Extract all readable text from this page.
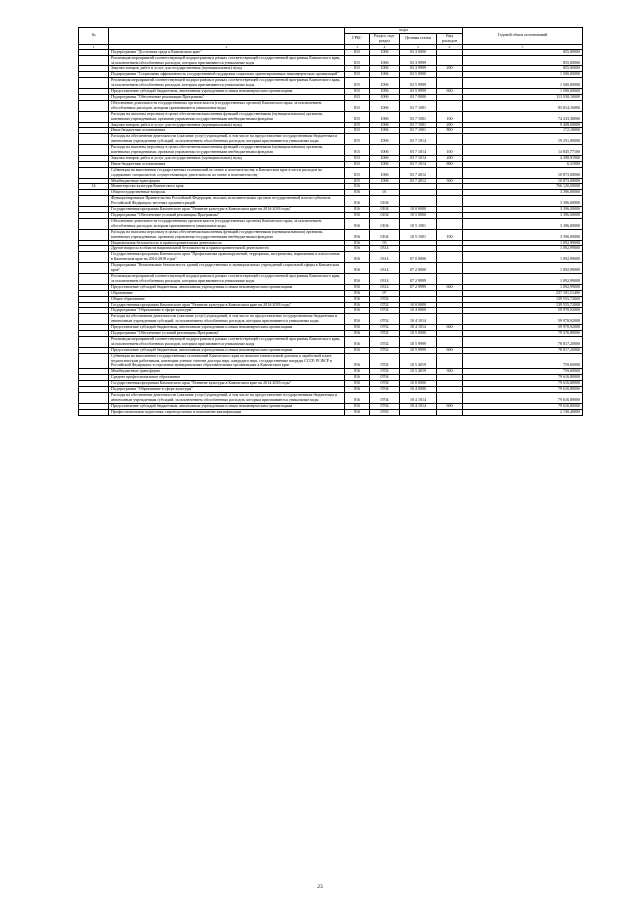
№		коды				Годовой объем ассигнований
		ГРБС	Раздел, под-раздел	Целевая статья	Вид расходов	
1	2	3	4	5	6	7
	Подпрограмма "Доступная среда в Камчатском крае"	815	1006	03 3 0000		855,00000
	Реализация мероприятий соответствующей подпрограммы в рамках соответствующей государственной программы Камчатского края, за исключением обособленных расходов, которым присваиваются уникальные коды	815	1006	03 3 9999		855,00000
	Закупка товаров, работ и услуг для государственных (муниципальных) нужд	815	1006	03 3 9999	200	855,00000
	Подпрограмма "Социальная эффективность государственной поддержки социально ориентированных некоммерческих организаций"	815	1006	03 5 0000		1 500,00000
	Реализация мероприятий соответствующей подпрограммы в рамках соответствующей государственной программы Камчатского края, за исключением обособленных расходов, которым присваиваются уникальные коды	815	1006	03 5 9999		1 500,00000
	Предоставление субсидий бюджетным, автономным учреждениям и иным некоммерческим организациям	815	1006	03 5 9999	600	1 500,00000
	Подпрограмма "Обеспечение реализации Программы"	815	1006	03 7 0000		113 938,10000
	Обеспечение деятельности государственных органов власти (государственных органов) Камчатского края, за исключением обособленных расходов, которым присваиваются уникальные коды	815	1006	03 7 1001		83 814,16000
	Расходы на выплаты персоналу в целях обеспечения выполнения функций государственными (муниципальными) органами, казенными учреждениями, органами управления государственными внебюджетными фондами	815	1006	03 7 1001	100	74 233,38000
	Закупка товаров, работ и услуг для государственных (муниципальных) нужд	815	1006	03 7 1001	200	9 408,60000
	Иные бюджетные ассигнования	815	1006	03 7 1001	800	172,18000
	Расходы на обеспечение деятельности (оказание услуг) учреждений, в том числе на предоставление государственным бюджетным и автономным учреждениям субсидий, за исключением обособленных расходов, которым присваиваются уникальные коды	815	1006	03 7 1014		19 251,00000
	Расходы на выплаты персоналу в целях обеспечения выполнения функций государственными (муниципальными) органами, казенными учреждениями, органами управления государственными внебюджетными фондами	815	1006	03 7 1014	100	14 845,77100
	Закупка товаров, работ и услуг для государственных (муниципальных) нужд	815	1006	03 7 1014	200	4 398,91900
	Иные бюджетные ассигнования	815	1006	03 7 1014	800	6,31000
	Субвенции на выполнение государственных полномочий по опеке и попечительству в Камчатском крае в части расходов на содержание специалистов, осуществляющих деятельность по опеке и попечительству	815	1006	03 7 4012		10 873,00000
	Межбюджетные трансферты	815	1006	03 7 4012	500	10 873,00000
14	Министерство культуры Камчатского края	816				766 120,09000
	Общегосударственные вопросы	816	01			3 396,00000
	Функционирование Правительства Российской Федерации, высших исполнительных органов государственной власти субъектов Российской Федерации, местных администраций	816	0104			3 396,00000
	Государственная программа Камчатского края "Развитие культуры в Камчатском крае на 2014-2018 годы"	816	0104	10 0 0000		3 396,00000
	Подпрограмма "Обеспечение условий реализации Программы"	816	0104	10 5 0000		3 396,00000
	Обеспечение деятельности государственных органов власти (государственных органов) Камчатского края, за исключением обособленных расходов, которым присваиваются уникальные коды	816	0104	10 5 1001		3 396,00000
	Расходы на выплаты персоналу в целях обеспечения выполнения функций государственными (муниципальными) органами, казенными учреждениями, органами управления государственными внебюджетными фондами	816	0104	10 5 1001	100	3 396,00000
	Национальная безопасность и правоохранительная деятельность	816	03			1 092,99000
	Другие вопросы в области национальной безопасности и правоохранительной деятельности	816	0314			1 092,99000
	Государственная программа Камчатского края "Профилактика правонарушений, терроризма, экстремизма, наркомании и алкоголизма в Камчатском крае на 2014-2018 годы"	816	0314	07 0 0000		1 092,99000
	Подпрограмма "Комплексные безопасность зданий государственных и муниципальных учреждений социальной сферы в Камчатском крае"	816	0314	07 2 0000		1 092,99000
	Реализация мероприятий соответствующей подпрограммы в рамках соответствующей государственной программы Камчатского края, за исключением обособленных расходов, которым присваиваются уникальные коды	816	0314	07 2 9999		1 092,99000
	Предоставление субсидий бюджетным, автономным учреждениям и иным некоммерческим организациям	816	0314	07 2 9999	600	1 092,99000
	Образование	816	07			237 191,51400
	Общее образование	816	0702			139 555,72000
	Государственная программа Камчатского края "Развитие культуры в Камчатском крае на 2014-2018 годы"	816	0702	10 0 0000		139 555,72000
	Подпрограмма "Образование в сфере культуры"	816	0702	10 4 0000		59 978,92000
	Расходы на обеспечение деятельности (оказание услуг) учреждений, в том числе на предоставление государственным бюджетным и автономным учреждениям субсидий, за исключением обособленных расходов, которым присваиваются уникальные коды	816	0702	10 4 1014		59 978,92000
	Предоставление субсидий бюджетным, автономным учреждениям и иным некоммерческим организациям	816	0702	10 4 1014	600	59 978,92000
	Подпрограмма "Обеспечение условий реализации Программы"	816	0702	10 5 0000		79 576,80000
	Реализация мероприятий соответствующей подпрограммы в рамках соответствующей государственной программы Камчатского края, за исключением обособленных расходов, которым присваиваются уникальные коды	816	0702	10 5 9999		78 817,20000
	Предоставление субсидий бюджетным, автономным учреждениям и иным некоммерческим организациям	816	0702	10 5 9999	600	78 817,20000
	Субвенции на выполнение государственных полномочий Камчатского края по выплате ежемесячной доплаты к заработной плате педагогическим работникам, имеющим ученые степени доктора наук, кандидата наук, государственные награды СССР, РСФСР и Российской Федерации, в отдельных муниципальных образовательных организациях в Камчатском крае	816	0702	10 5 4019		759,60000
	Межбюджетные трансферты	816	0702	10 5 4019	500	759,60000
	Среднее профессиональное образование	816	0704			79 616,80000
	Государственная программа Камчатского края "Развитие культуры в Камчатском крае на 2014-2018 годы"	816	0704	10 0 0000		79 616,80000
	Подпрограмма "Образование в сфере культуры"	816	0704	10 4 0000		79 616,80000
	Расходы на обеспечение деятельности (оказание услуг) учреждений, в том числе на предоставление государственным бюджетным и автономным учреждениям субсидий, за исключением обособленных расходов, которым присваиваются уникальные коды	816	0704	10 4 1014		79 616,80000
	Предоставление субсидий бюджетным, автономным учреждениям и иным некоммерческим организациям	816	0704	10 4 1014	600	79 616,80000
	Профессиональная подготовка, переподготовка и повышение квалификации	816	0705			2 130,40000
23
